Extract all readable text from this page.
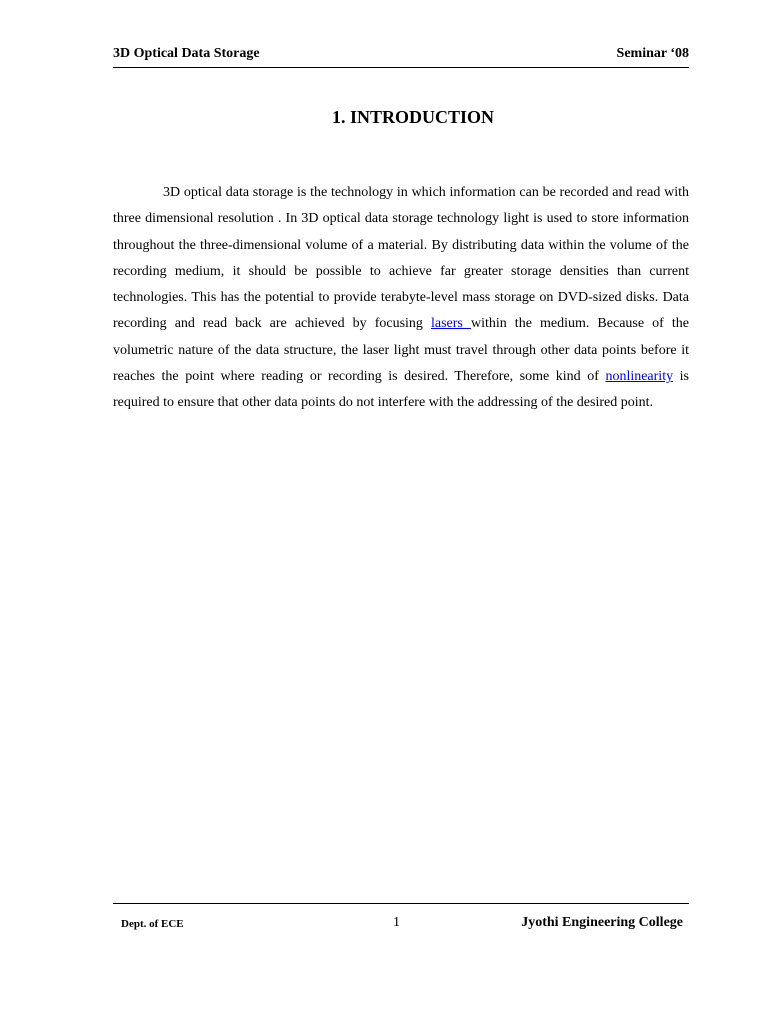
3D Optical Data Storage	Seminar ‘08
1. INTRODUCTION

3D optical data storage is the technology in which information can be recorded and read with three dimensional resolution . In 3D optical data storage technology light is used to store information throughout the three-dimensional volume of a material. By distributing data within the volume of the recording medium, it should be possible to achieve far greater storage densities than current technologies. This has the potential to provide terabyte-level mass storage on DVD-sized disks. Data recording and read back are achieved by focusing lasers within the medium. Because of the volumetric nature of the data structure, the laser light must travel through other data points before it reaches the point where reading or recording is desired. Therefore, some kind of nonlinearity is required to ensure that other data points do not interfere with the addressing of the desired point.

Dept. of ECE	1	Jyothi Engineering College
